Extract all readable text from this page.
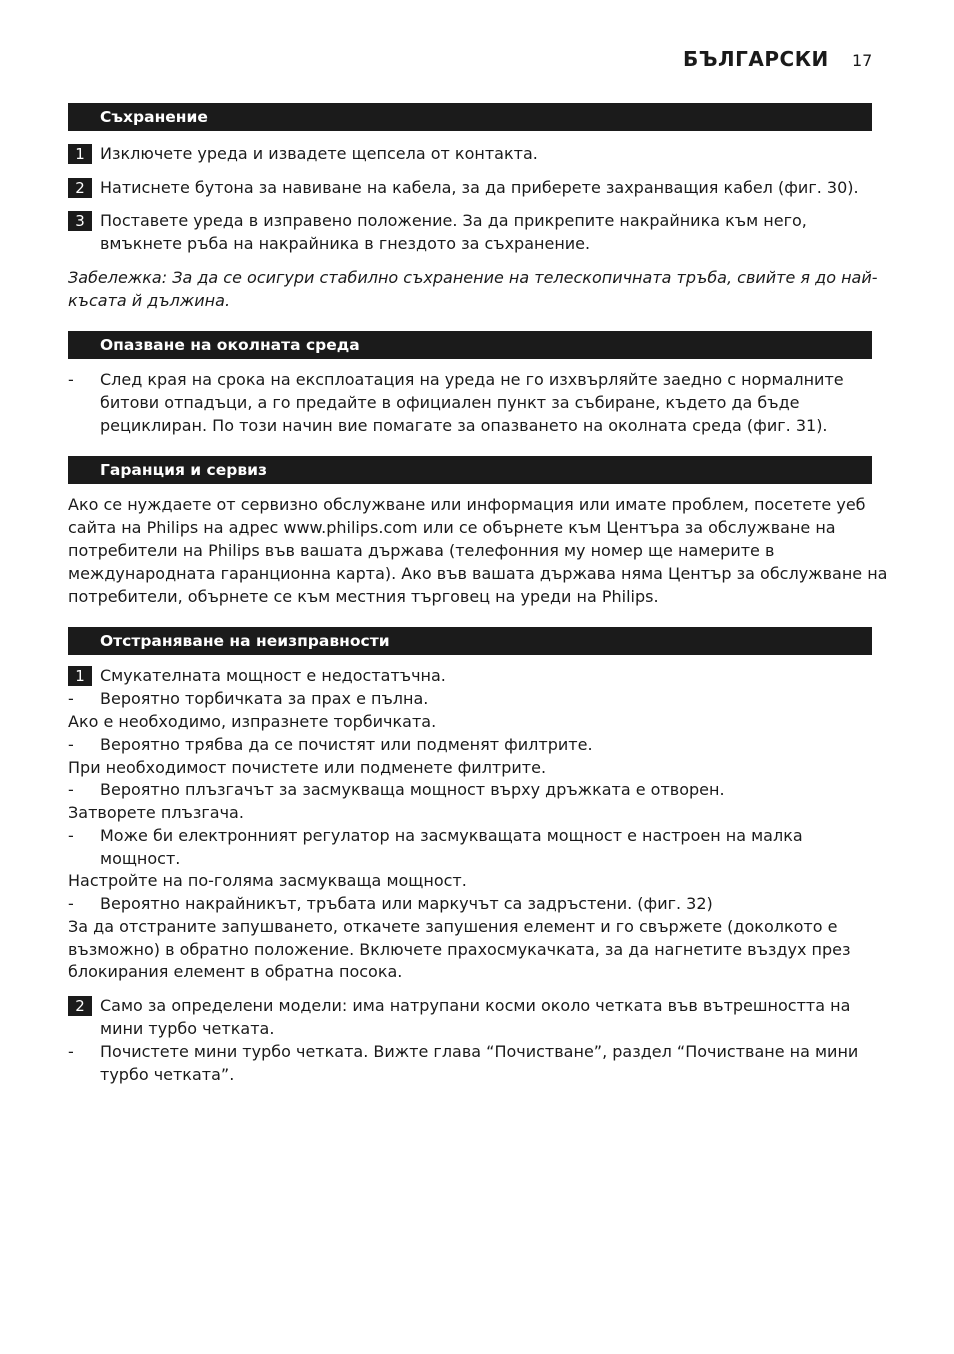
БЪЛГАРСКИ 17
Съхранение
1 Изключете уреда и извадете щепсела от контакта.
2 Натиснете бутона за навиване на кабела, за да приберете захранващия кабел (фиг. 30).
3 Поставете уреда в изправено положение. За да прикрепите накрайника към него,
вмъкнете ръба на накрайника в гнездото за съхранение.
Забележка: За да се осигури стабилно съхранение на телескопичната тръба, свийте я до най-
късата й дължина.
Опазване на околната среда
- След края на срока на експлоатация на уреда не го изхвърляйте заедно с нормалните
битови отпадъци, а го предайте в официален пункт за събиране, където да бъде
рециклиран. По този начин вие помагате за опазването на околната среда (фиг. 31).
Гаранция и сервиз
Ако се нуждаете от сервизно обслужване или информация или имате проблем, посетете уеб
сайта на Philips на адрес www.philips.com или се обърнете към Центъра за обслужване на
потребители на Philips във вашата държава (телефонния му номер ще намерите в
международната гаранционна карта). Ако във вашата държава няма Център за обслужване на
потребители, обърнете се към местния търговец на уреди на Philips.
Отстраняване на неизправности
1 Смукателната мощност е недостатъчна.
- Вероятно торбичката за прах е пълна.
Ако е необходимо, изпразнете торбичката.
- Вероятно трябва да се почистят или подменят филтрите.
При необходимост почистете или подменете филтрите.
- Вероятно плъзгачът за засмукваща мощност върху дръжката е отворен.
Затворете плъзгача.
- Може би електронният регулатор на засмукващата мощност е настроен на малка
мощност.
Настройте на по-голяма засмукваща мощност.
- Вероятно накрайникът, тръбата или маркучът са задръстени. (фиг. 32)
За да отстраните запушването, откачете запушения елемент и го свържете (доколкото е
възможно) в обратно положение. Включете прахосмукачката, за да нагнетите въздух през
блокирания елемент в обратна посока.
2 Само за определени модели: има натрупани косми около четката във вътрешността на
мини турбо четката.
- Почистете мини турбо четката. Вижте глава “Почистване”, раздел “Почистване на мини
турбо четката”.
